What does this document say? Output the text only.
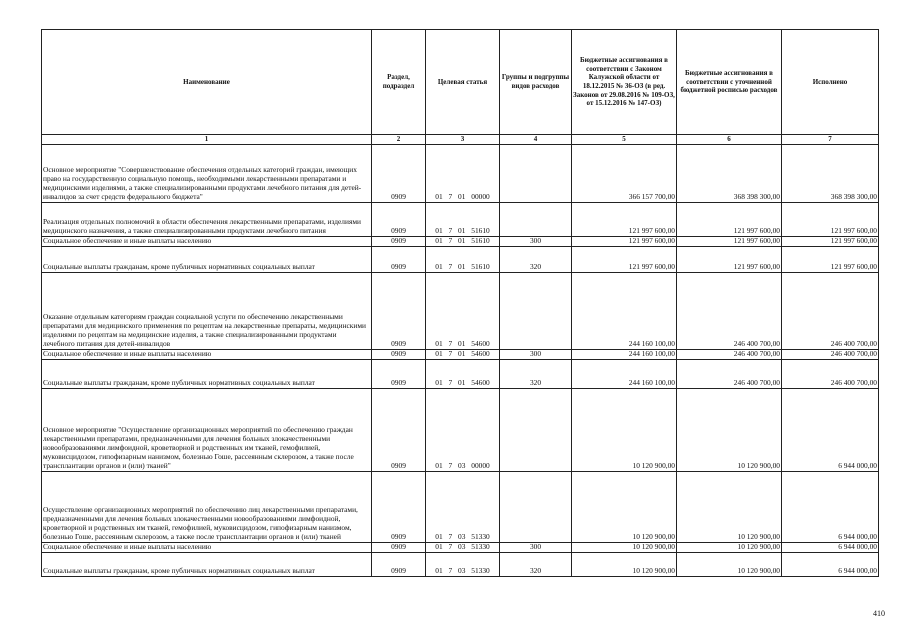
Наименование	Раздел, подраздел	Целевая статья	Группы и подгруппы видов расходов	Бюджетные ассигнования в соответствии с Законом Калужской области от 18.12.2015 № 36-ОЗ (в ред. Законов от 29.08.2016 № 109-ОЗ, от 15.12.2016 № 147-ОЗ)	Бюджетные ассигнования в соответствии с уточненной бюджетной росписью расходов	Исполнено
1	2	3	4	5	6	7
Основное мероприятие "Совершенствование обеспечения отдельных категорий граждан, имеющих право на государственную социальную помощь, необходимыми лекарственными препаратами и медицинскими изделиями, а также специализированными продуктами лечебного питания для детей-инвалидов за счет средств федерального бюджета"	0909	01 7 01 00000		366 157 700,00	368 398 300,00	368 398 300,00
Реализация отдельных полномочий в области обеспечения лекарственными препаратами, изделиями медицинского назначения, а также специализированными продуктами лечебного питания	0909	01 7 01 51610		121 997 600,00	121 997 600,00	121 997 600,00
Социальное обеспечение и иные выплаты населению	0909	01 7 01 51610	300	121 997 600,00	121 997 600,00	121 997 600,00
Социальные выплаты гражданам, кроме публичных нормативных социальных выплат	0909	01 7 01 51610	320	121 997 600,00	121 997 600,00	121 997 600,00
Оказание отдельным категориям граждан социальной услуги по обеспечению лекарственными препаратами для медицинского применения по рецептам на лекарственные препараты, медицинскими изделиями по рецептам на медицинские изделия, а также специализированными продуктами лечебного питания для детей-инвалидов	0909	01 7 01 54600		244 160 100,00	246 400 700,00	246 400 700,00
Социальное обеспечение и иные выплаты населению	0909	01 7 01 54600	300	244 160 100,00	246 400 700,00	246 400 700,00
Социальные выплаты гражданам, кроме публичных нормативных социальных выплат	0909	01 7 01 54600	320	244 160 100,00	246 400 700,00	246 400 700,00
Основное мероприятие "Осуществление организационных мероприятий по обеспечению граждан лекарственными препаратами, предназначенными для лечения больных злокачественными новообразованиями лимфоидной, кроветворной и родственных им тканей, гемофилией, муковисцидозом, гипофизарным нанизмом, болезнью Гоше, рассеянным склерозом, а также после трансплантации органов и (или) тканей"	0909	01 7 03 00000		10 120 900,00	10 120 900,00	6 944 000,00
Осуществление организационных мероприятий по обеспечению лиц лекарственными препаратами, предназначенными для лечения больных злокачественными новообразованиями лимфоидной, кроветворной и родственных им тканей, гемофилией, муковисцидозом, гипофизарным нанизмом, болезнью Гоше, рассеянным склерозом, а также после трансплантации органов и (или) тканей	0909	01 7 03 51330		10 120 900,00	10 120 900,00	6 944 000,00
Социальное обеспечение и иные выплаты населению	0909	01 7 03 51330	300	10 120 900,00	10 120 900,00	6 944 000,00
Социальные выплаты гражданам, кроме публичных нормативных социальных выплат	0909	01 7 03 51330	320	10 120 900,00	10 120 900,00	6 944 000,00
410
